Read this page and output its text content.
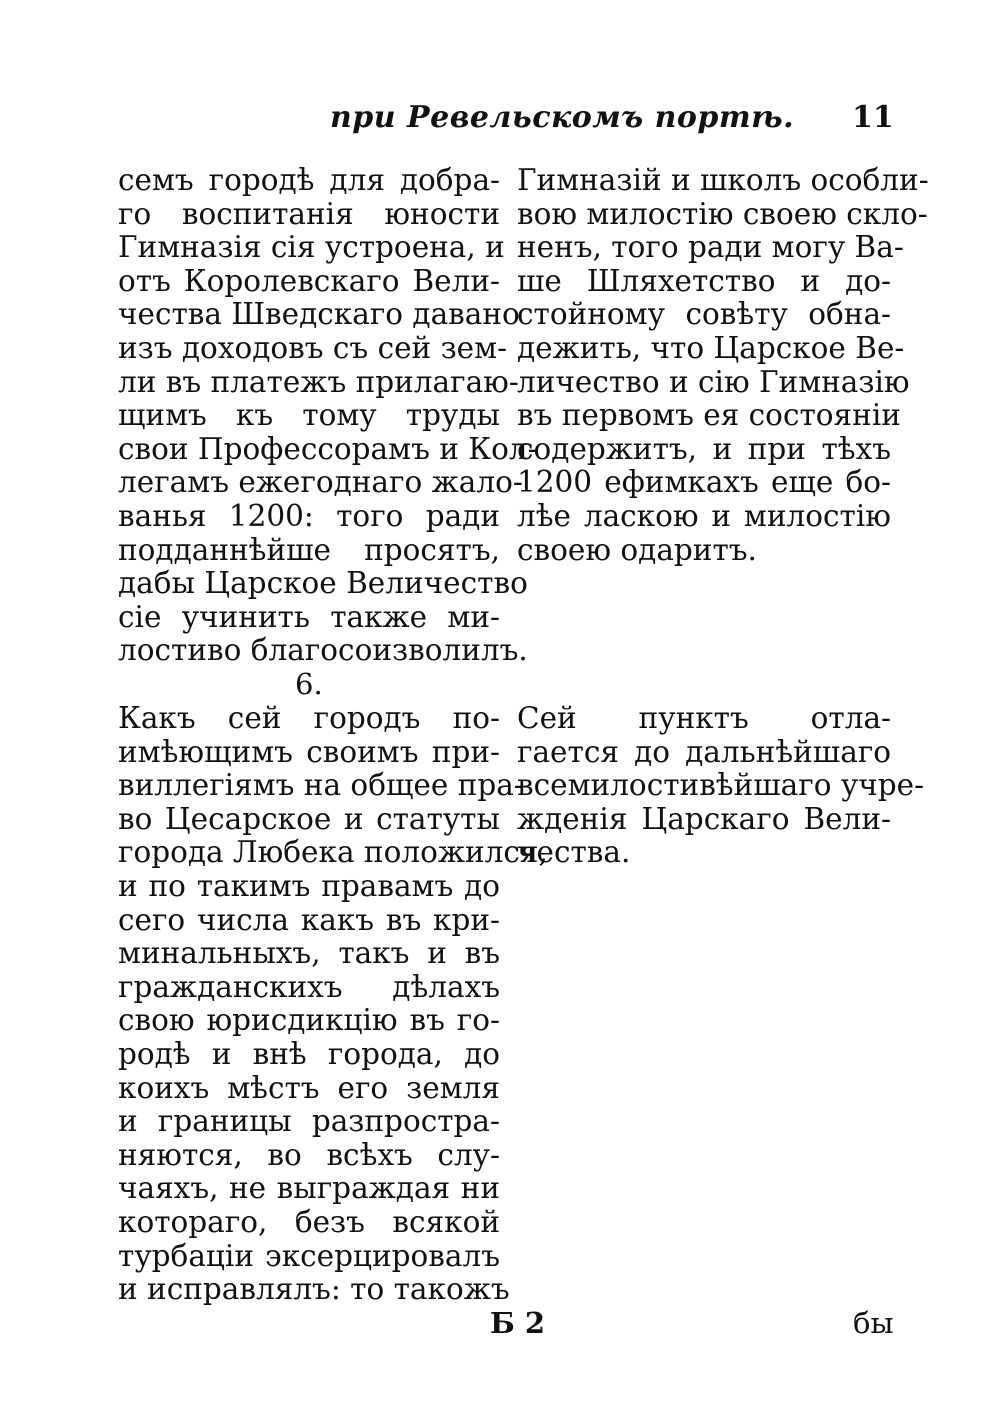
при Ревельскомъ портѣ. 11
семъ городѣ для добра-
го воспитанія юности
Гимназія сія устроена, и
отъ Королевскаго Вели-
чества Шведскаго давано
изъ доходовъ съ сей зем-
ли въ платежъ прилагаю-
щимъ къ тому труды
свои Профессорамъ и Кол-
легамъ ежегоднаго жало-
ванья 1200: того ради
подданнѣйше просятъ,
дабы Царское Величество
сіе учинить также ми-
лостиво благосоизволилъ.
6.
Какъ сей городъ по-
имѣющимъ своимъ при-
виллегіямъ на общее пра-
во Цесарское и статуты
города Любека положился,
и по такимъ правамъ до
сего числа какъ въ кри-
минальныхъ, такъ и въ
гражданскихъ дѣлахъ
свою юрисдикцію въ го-
родѣ и внѣ города, до
коихъ мѣстъ его земля
и границы разпростра-
няются, во всѣхъ слу-
чаяхъ, не выграждая ни
котораго, безъ всякой
турбаціи эксерцировалъ
и исправлялъ: то такожъ
Гимназій и школъ особли-
вою милостію своею скло-
ненъ, того ради могу Ва-
ше Шляхетство и до-
стойному совѣту обна-
дежить, что Царское Ве-
личество и сію Гимназію
въ первомъ ея состояніи
содержитъ, и при тѣхъ
1200 ефимкахъ еще бо-
лѣе ласкою и милостію
своею одаритъ.
Сей пунктъ отла-
гается до дальнѣйшаго
всемилостивѣйшаго учре-
жденія Царскаго Вели-
чества.
Б 2	бы
